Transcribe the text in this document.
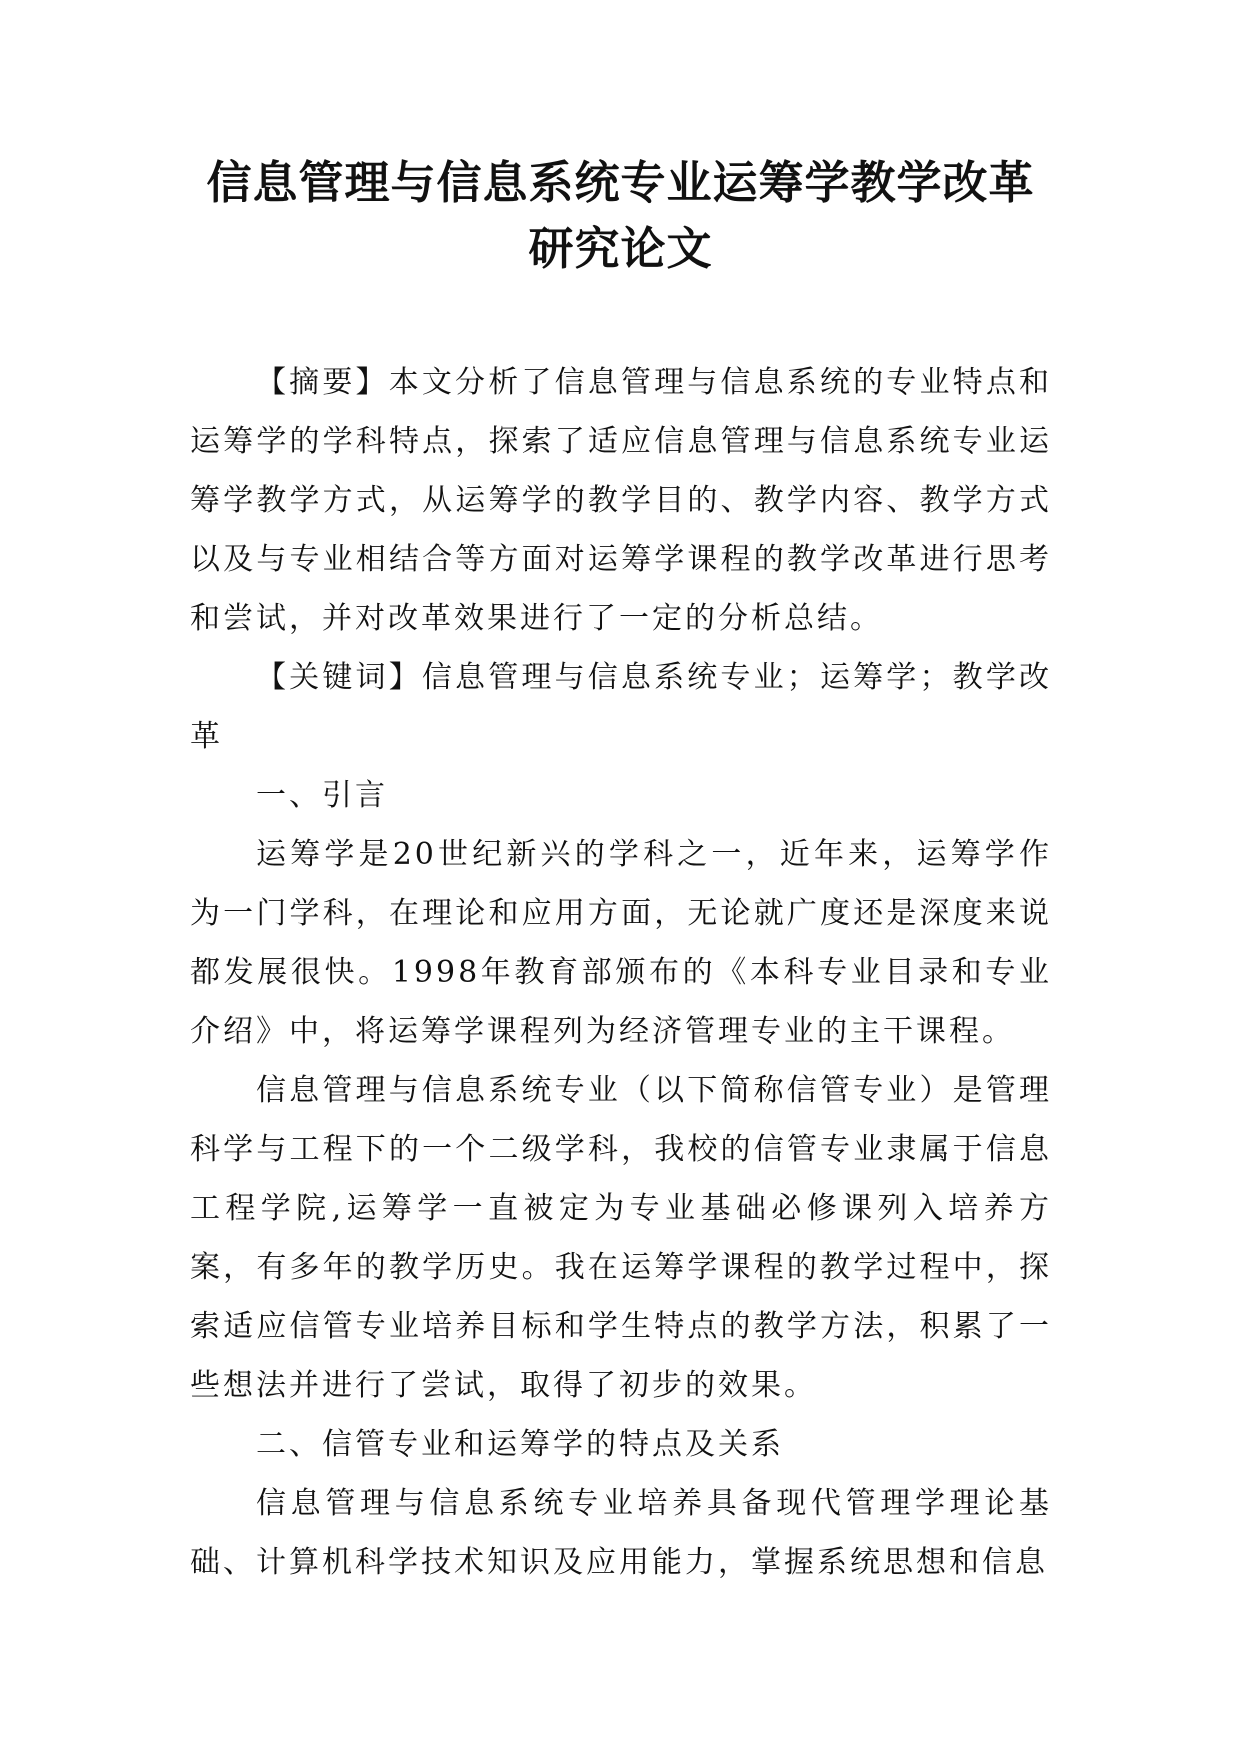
信息管理与信息系统专业运筹学教学改革
研究论文

【摘要】本文分析了信息管理与信息系统的专业特点和运筹学的学科特点，探索了适应信息管理与信息系统专业运筹学教学方式，从运筹学的教学目的、教学内容、教学方式以及与专业相结合等方面对运筹学课程的教学改革进行思考和尝试，并对改革效果进行了一定的分析总结。

【关键词】信息管理与信息系统专业；运筹学；教学改革

一、引言

运筹学是20世纪新兴的学科之一，近年来，运筹学作为一门学科，在理论和应用方面，无论就广度还是深度来说都发展很快。1998年教育部颁布的《本科专业目录和专业介绍》中，将运筹学课程列为经济管理专业的主干课程。

信息管理与信息系统专业（以下简称信管专业）是管理科学与工程下的一个二级学科，我校的信管专业隶属于信息工程学院,运筹学一直被定为专业基础必修课列入培养方案，有多年的教学历史。我在运筹学课程的教学过程中，探索适应信管专业培养目标和学生特点的教学方法，积累了一些想法并进行了尝试，取得了初步的效果。

二、信管专业和运筹学的特点及关系

信息管理与信息系统专业培养具备现代管理学理论基础、计算机科学技术知识及应用能力，掌握系统思想和信息
